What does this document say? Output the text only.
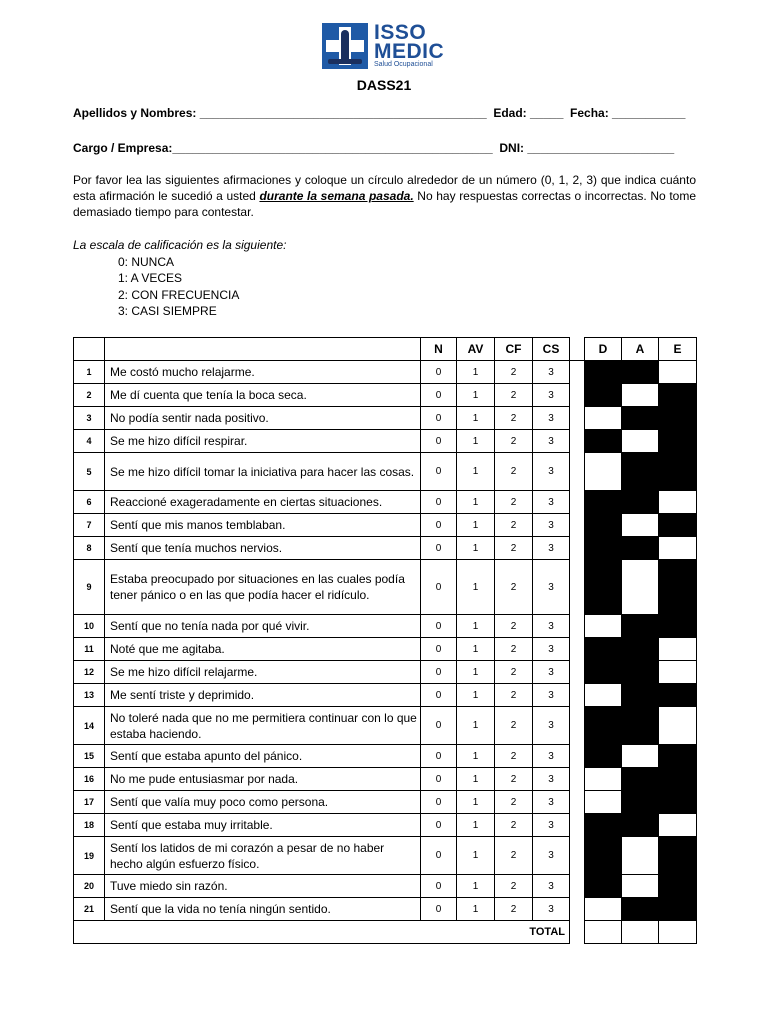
ISSO
MEDIC
Salud Ocupacional
DASS21
Apellidos y Nombres: ___________________________________________  Edad: _____  Fecha: ___________
Cargo / Empresa:________________________________________________  DNI: ______________________
Por favor lea las siguientes afirmaciones y coloque un círculo alrededor de un número (0, 1, 2, 3) que indica cuánto esta afirmación le sucedió a usted durante la semana pasada. No hay respuestas correctas o incorrectas. No tome demasiado tiempo para contestar.
La escala de calificación es la siguiente:
0: NUNCA
1: A VECES
2: CON FRECUENCIA
3: CASI SIEMPRE
		N	AV	CF	CS		D	A	E
1	Me costó mucho relajarme.	0	1	2	3				
2	Me dí cuenta que tenía la boca seca.	0	1	2	3				
3	No podía sentir nada positivo.	0	1	2	3				
4	Se me hizo difícil respirar.	0	1	2	3				
5	Se me hizo difícil tomar la iniciativa para hacer las cosas.	0	1	2	3				
6	Reaccioné exageradamente en ciertas situaciones.	0	1	2	3				
7	Sentí que mis manos temblaban.	0	1	2	3				
8	Sentí que tenía muchos nervios.	0	1	2	3				
9	Estaba preocupado por situaciones en las cuales podía tener pánico o en las que podía hacer el ridículo.	0	1	2	3				
10	Sentí que no tenía nada por qué vivir.	0	1	2	3				
11	Noté que me agitaba.	0	1	2	3				
12	Se me hizo difícil relajarme.	0	1	2	3				
13	Me sentí triste y deprimido.	0	1	2	3				
14	No toleré nada que no me permitiera continuar con lo que estaba haciendo.	0	1	2	3				
15	Sentí que estaba apunto del pánico.	0	1	2	3				
16	No me pude entusiasmar por nada.	0	1	2	3				
17	Sentí que valía muy poco como persona.	0	1	2	3				
18	Sentí que estaba muy irritable.	0	1	2	3				
19	Sentí los latidos de mi corazón a pesar de no haber hecho algún esfuerzo físico.	0	1	2	3				
20	Tuve miedo sin razón.	0	1	2	3				
21	Sentí que la vida no tenía ningún sentido.	0	1	2	3				
TOTAL									
